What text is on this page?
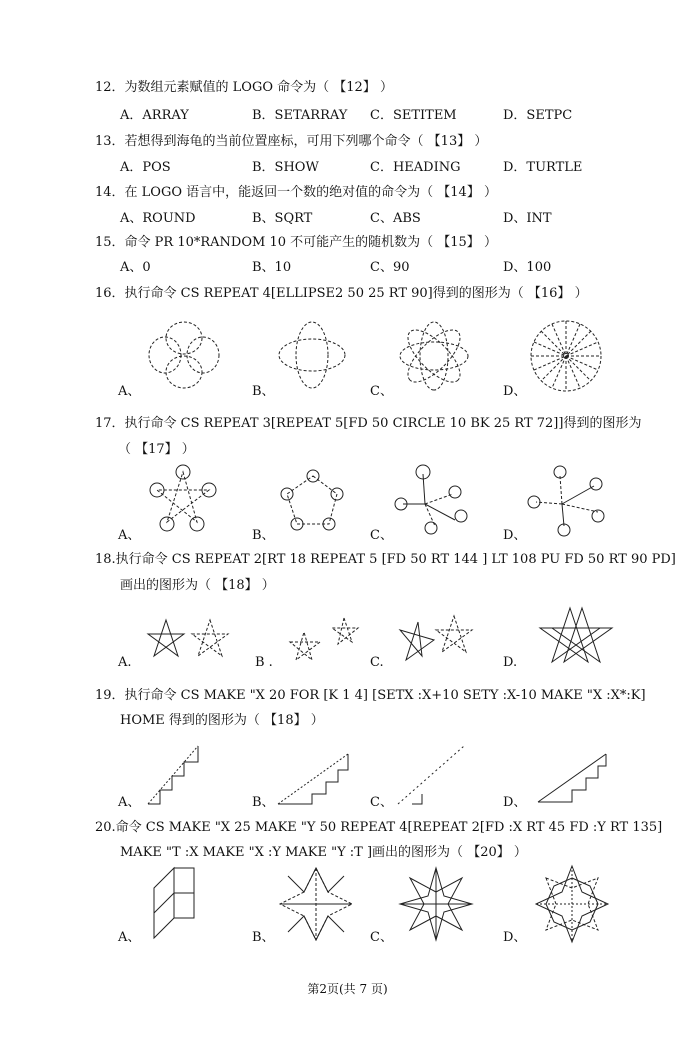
12．为数组元素赋值的 LOGO 命令为（ 【12】 ）
A．ARRAY	B．SETARRAY C．SETITEM	D．SETPC
13．若想得到海龟的当前位置座标，可用下列哪个命令（ 【13】 ）
A．POS	B．SHOW	C．HEADING	D．TURTLE
14．在 LOGO 语言中，能返回一个数的绝对值的命令为（ 【14】 ）
A、ROUND	B、SQRT	C、ABS	D、INT
15．命令 PR 10*RANDOM 10 不可能产生的随机数为（ 【15】 ）
A、0	B、10	C、90	D、100
16．执行命令 CS REPEAT 4[ELLIPSE2 50 25 RT 90]得到的图形为（ 【16】 ）
A、	B、	C、	D、
17．执行命令 CS REPEAT 3[REPEAT 5[FD 50 CIRCLE 10 BK 25 RT 72]]得到的图形为
（ 【17】 ）
A、	B、	C、	D、
18.执行命令 CS REPEAT 2[RT 18 REPEAT 5 [FD 50 RT 144 ] LT 108 PU FD 50 RT 90 PD]
画出的图形为（ 【18】 ）
A.	B .	C.	D.
19．执行命令 CS MAKE "X 20 FOR [K 1 4] [SETX :X+10 SETY :X-10 MAKE "X :X*:K]
HOME 得到的图形为（ 【18】 ）
A、	B、	C、	D、
20.命令 CS MAKE "X 25 MAKE "Y 50 REPEAT 4[REPEAT 2[FD :X RT 45 FD :Y RT 135]
MAKE "T :X MAKE "X :Y MAKE "Y :T ]画出的图形为（ 【20】 ）
A、	B、	C、	D、
第2页(共 7 页)
